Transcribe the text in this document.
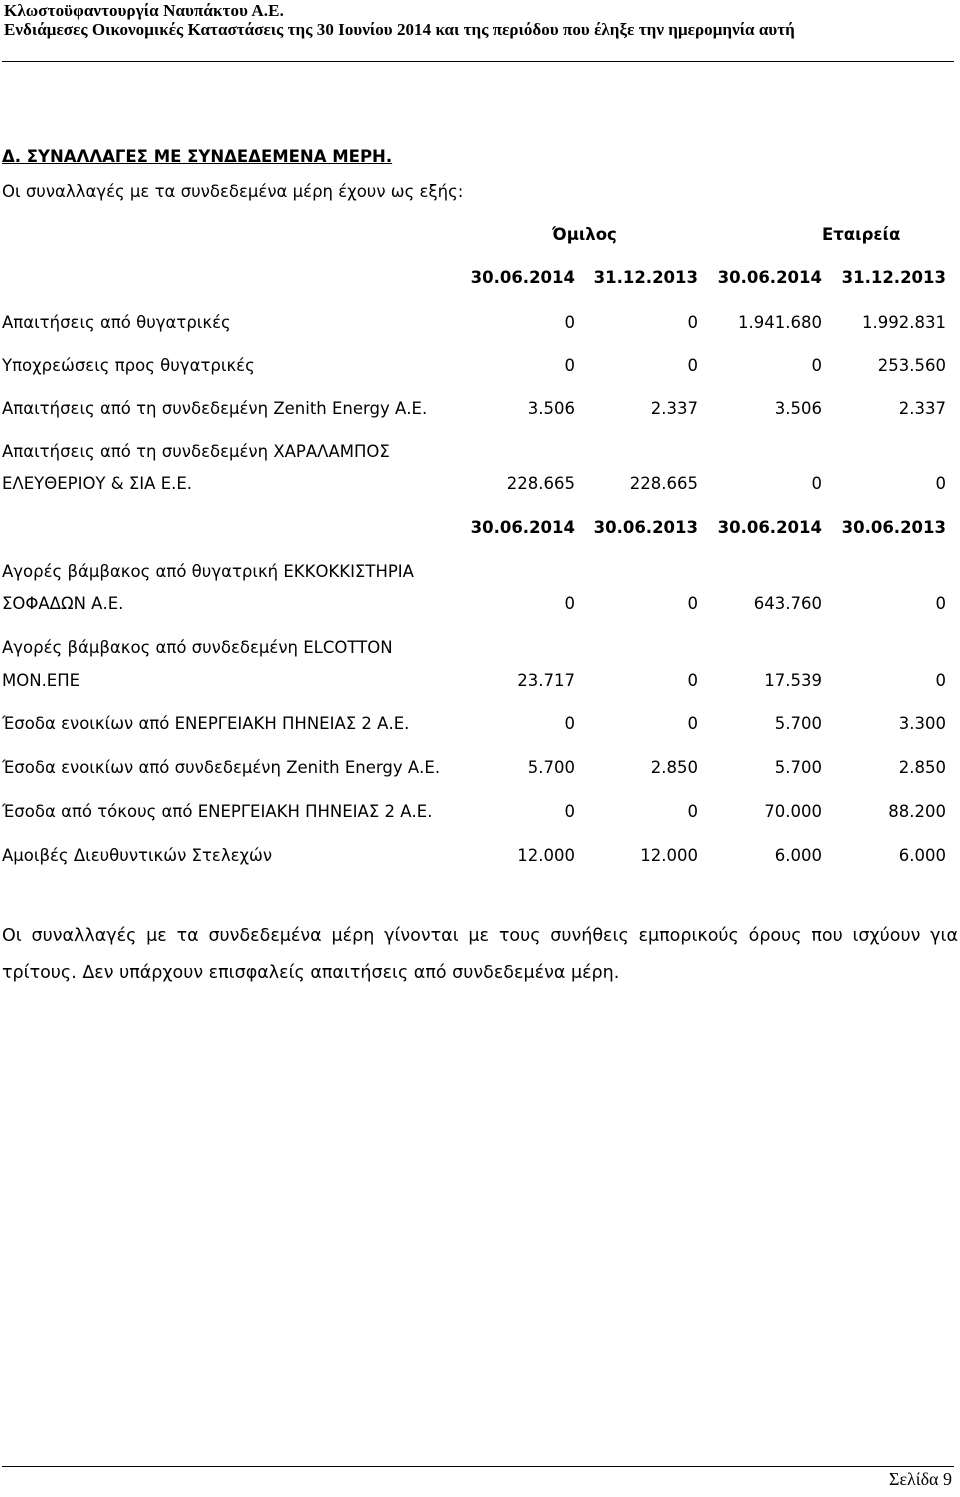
Κλωστοϋφαντουργία Ναυπάκτου Α.Ε.
Ενδιάμεσες Οικονομικές Καταστάσεις της 30 Ιουνίου 2014 και της περιόδου που έληξε την ημερομηνία αυτή
Δ. ΣΥΝΑΛΛΑΓΕΣ ΜΕ ΣΥΝΔΕΔΕΜΕΝΑ ΜΕΡΗ.
Οι συναλλαγές με τα συνδεδεμένα μέρη έχουν ως εξής:
Όμιλος	Εταιρεία
30.06.2014	31.12.2013	30.06.2014	31.12.2013
Απαιτήσεις από θυγατρικές	0	0	1.941.680	1.992.831
Υποχρεώσεις προς θυγατρικές	0	0	0	253.560
Απαιτήσεις από τη συνδεδεμένη Zenith Energy Α.Ε.	3.506	2.337	3.506	2.337
Απαιτήσεις από τη συνδεδεμένη ΧΑΡΑΛΑΜΠΟΣ
ΕΛΕΥΘΕΡΙΟΥ & ΣΙΑ Ε.Ε.	228.665	228.665	0	0
30.06.2014	30.06.2013	30.06.2014	30.06.2013
Αγορές βάμβακος από θυγατρική ΕΚΚΟΚΚΙΣΤΗΡΙΑ
ΣΟΦΑΔΩΝ Α.Ε.	0	0	643.760	0
Αγορές βάμβακος από συνδεδεμένη ELCOTTON
ΜΟΝ.ΕΠΕ	23.717	0	17.539	0
Έσοδα ενοικίων από ΕΝΕΡΓΕΙΑΚΗ ΠΗΝΕΙΑΣ 2 Α.Ε.	0	0	5.700	3.300
Έσοδα ενοικίων από συνδεδεμένη Zenith Energy Α.Ε.	5.700	2.850	5.700	2.850
Έσοδα από τόκους από ΕΝΕΡΓΕΙΑΚΗ ΠΗΝΕΙΑΣ 2 Α.Ε.	0	0	70.000	88.200
Αμοιβές Διευθυντικών Στελεχών	12.000	12.000	6.000	6.000
Οι συναλλαγές με τα συνδεδεμένα μέρη γίνονται με τους συνήθεις εμπορικούς όρους που ισχύουν για τρίτους. Δεν υπάρχουν επισφαλείς απαιτήσεις από συνδεδεμένα μέρη.
Σελίδα 9
